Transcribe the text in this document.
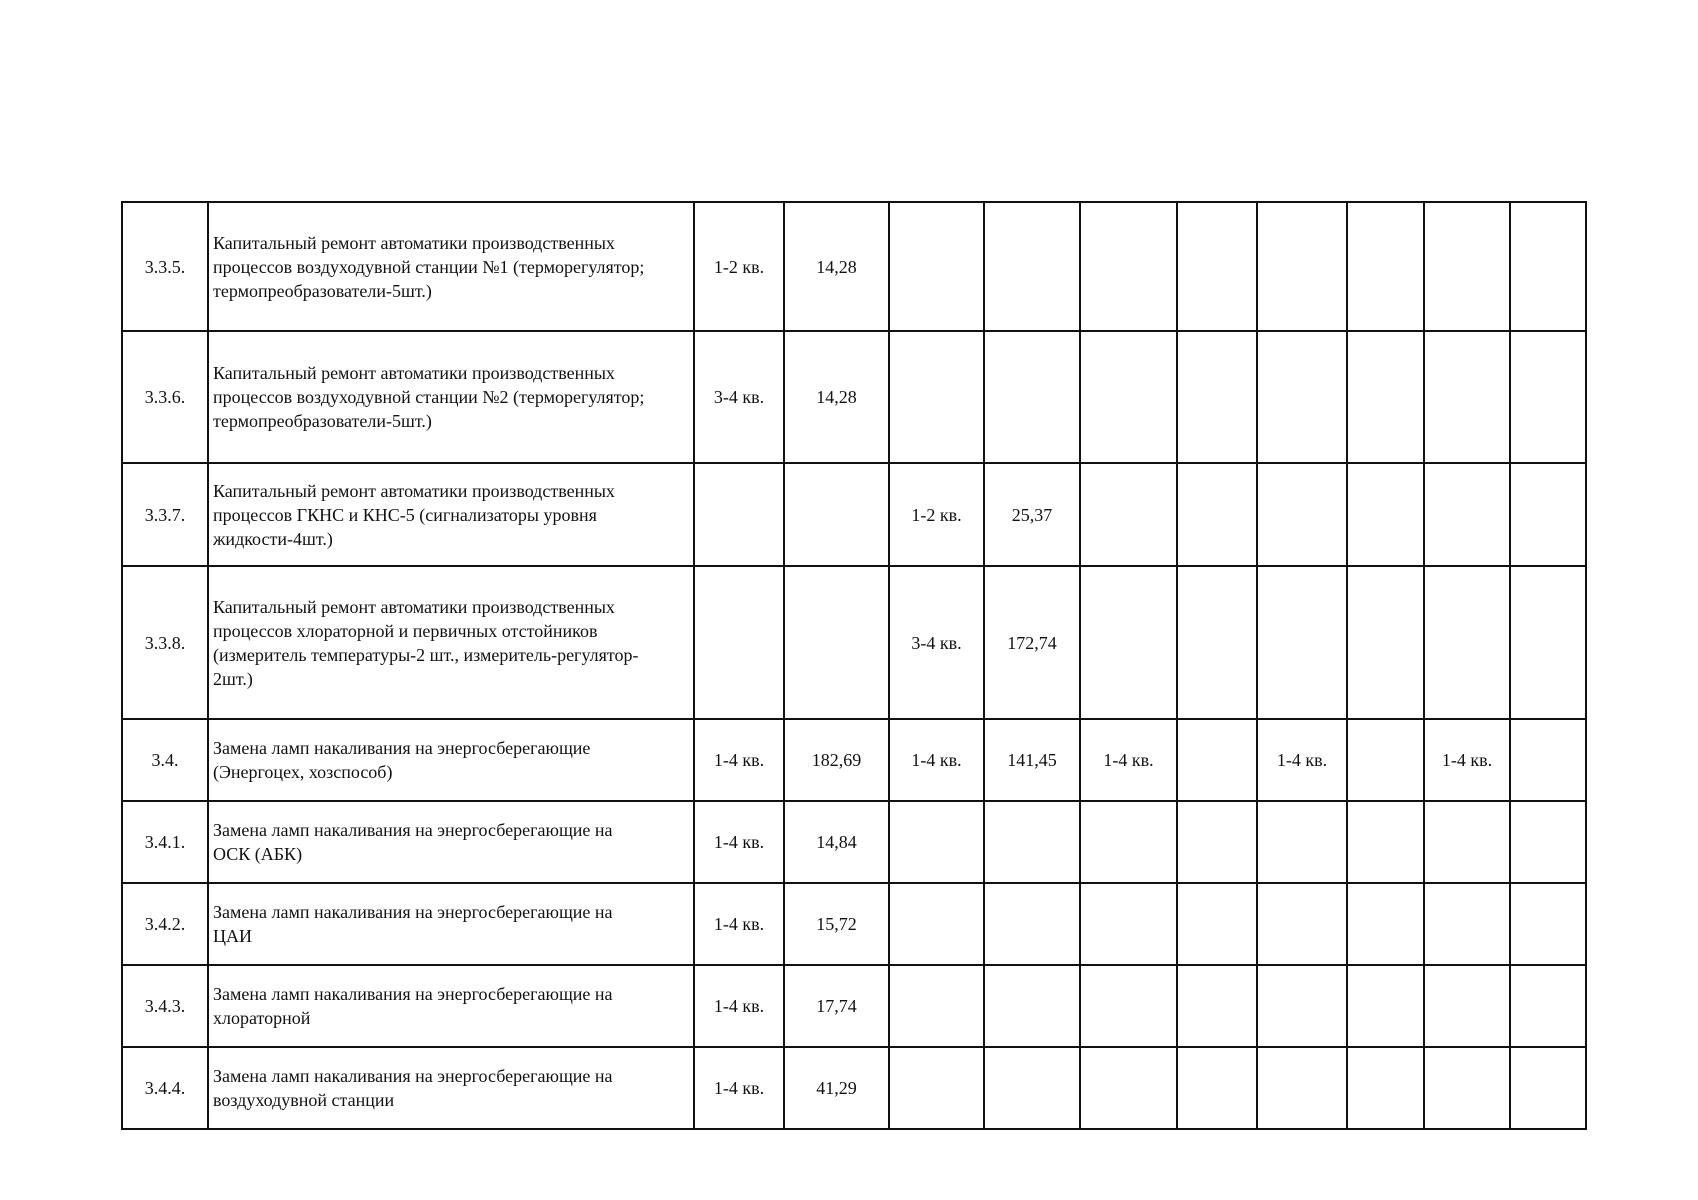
3.3.5.	Капитальный ремонт автоматики производственных
процессов воздуходувной станции №1 (терморегулятор;
термопреобразователи-5шт.)	1-2 кв.	14,28								
3.3.6.	Капитальный ремонт автоматики производственных
процессов воздуходувной станции №2 (терморегулятор;
термопреобразователи-5шт.)	3-4 кв.	14,28								
3.3.7.	Капитальный ремонт автоматики производственных
процессов ГКНС и КНС-5 (сигнализаторы уровня
жидкости-4шт.)			1-2 кв.	25,37						
3.3.8.	Капитальный ремонт автоматики производственных
процессов хлораторной и первичных отстойников
(измеритель температуры-2 шт., измеритель-регулятор-
2шт.)			3-4 кв.	172,74						
3.4.	Замена ламп накаливания на энергосберегающие
(Энергоцех, хозспособ)	1-4 кв.	182,69	1-4 кв.	141,45	1-4 кв.		1-4 кв.		1-4 кв.	
3.4.1.	Замена ламп накаливания на энергосберегающие на
ОСК (АБК)	1-4 кв.	14,84								
3.4.2.	Замена ламп накаливания на энергосберегающие на
ЦАИ	1-4 кв.	15,72								
3.4.3.	Замена ламп накаливания на энергосберегающие на
хлораторной	1-4 кв.	17,74								
3.4.4.	Замена ламп накаливания на энергосберегающие на
воздуходувной станции	1-4 кв.	41,29								
